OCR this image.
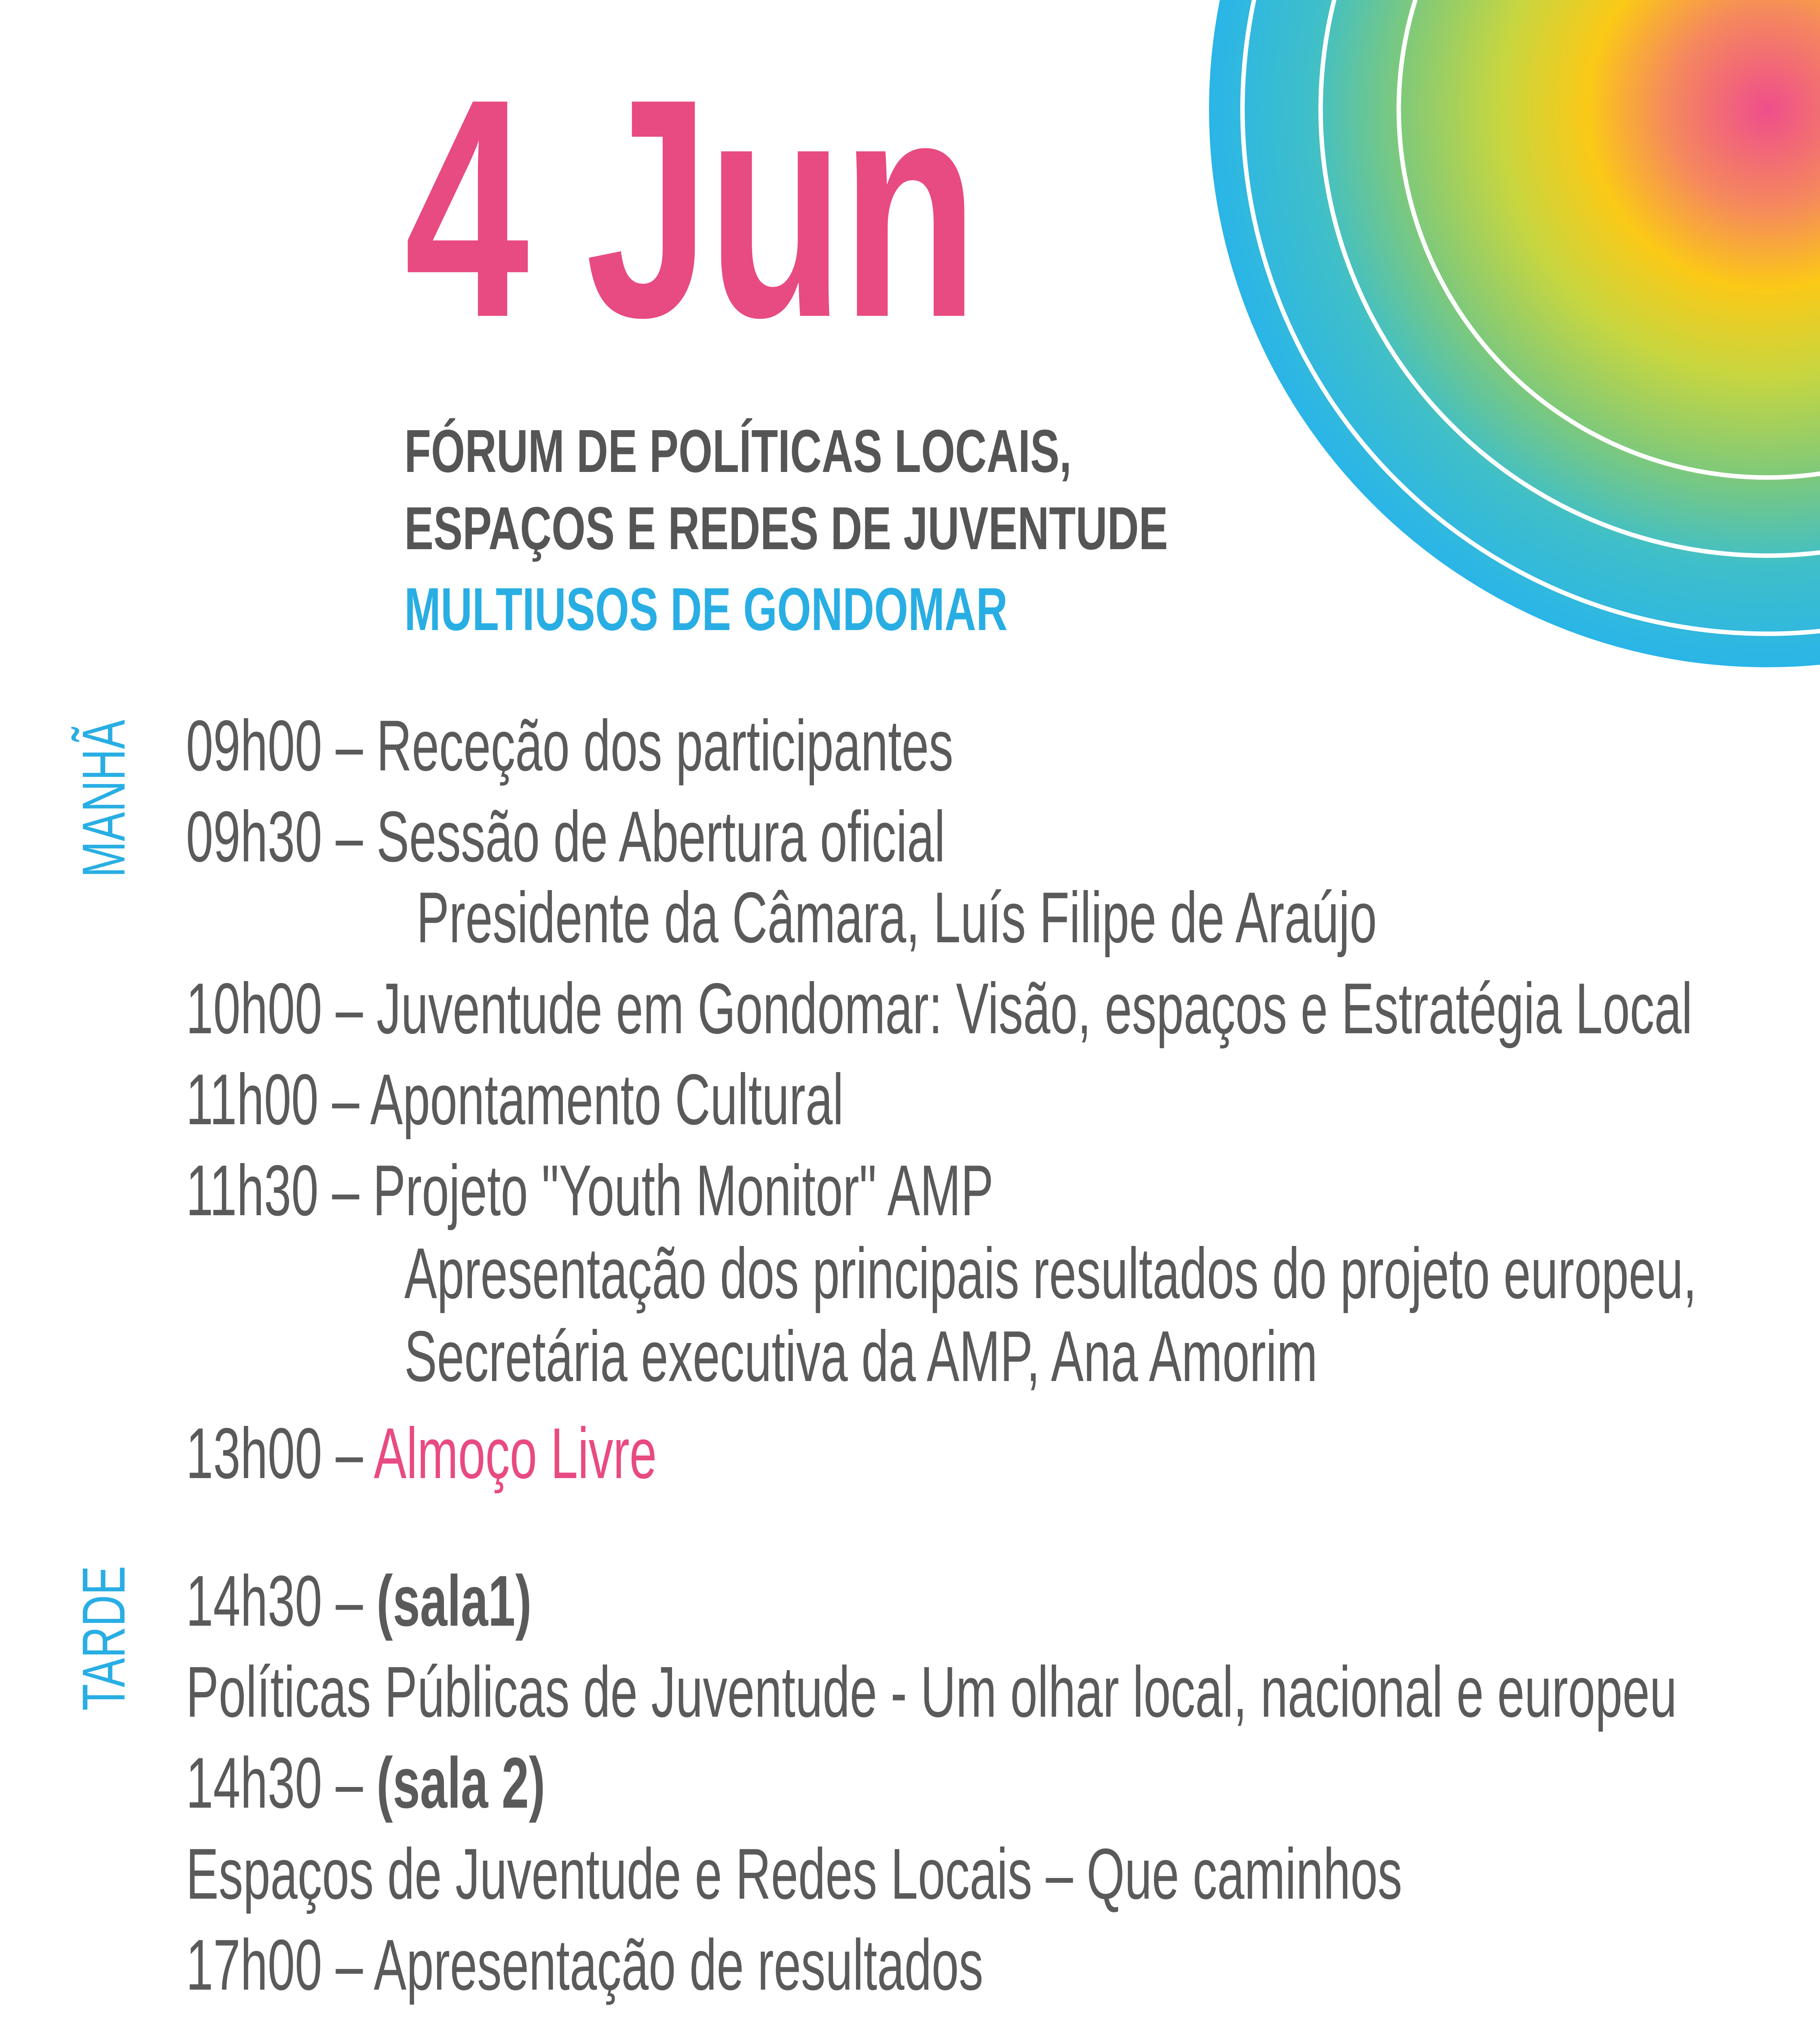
4 Jun
FÓRUM DE POLÍTICAS LOCAIS,
ESPAÇOS E REDES DE JUVENTUDE
MULTIUSOS DE GONDOMAR
MANHÃ
TARDE
09h00 – Receção dos participantes
09h30 – Sessão de Abertura oficial
Presidente da Câmara, Luís Filipe de Araújo
10h00 – Juventude em Gondomar: Visão, espaços e Estratégia Local
11h00 – Apontamento Cultural
11h30 – Projeto "Youth Monitor" AMP
Apresentação dos principais resultados do projeto europeu,
Secretária executiva da AMP, Ana Amorim
13h00 – Almoço Livre
14h30 – (sala1)
Políticas Públicas de Juventude - Um olhar local, nacional e europeu
14h30 – (sala 2)
Espaços de Juventude e Redes Locais – Que caminhos
17h00 – Apresentação de resultados
